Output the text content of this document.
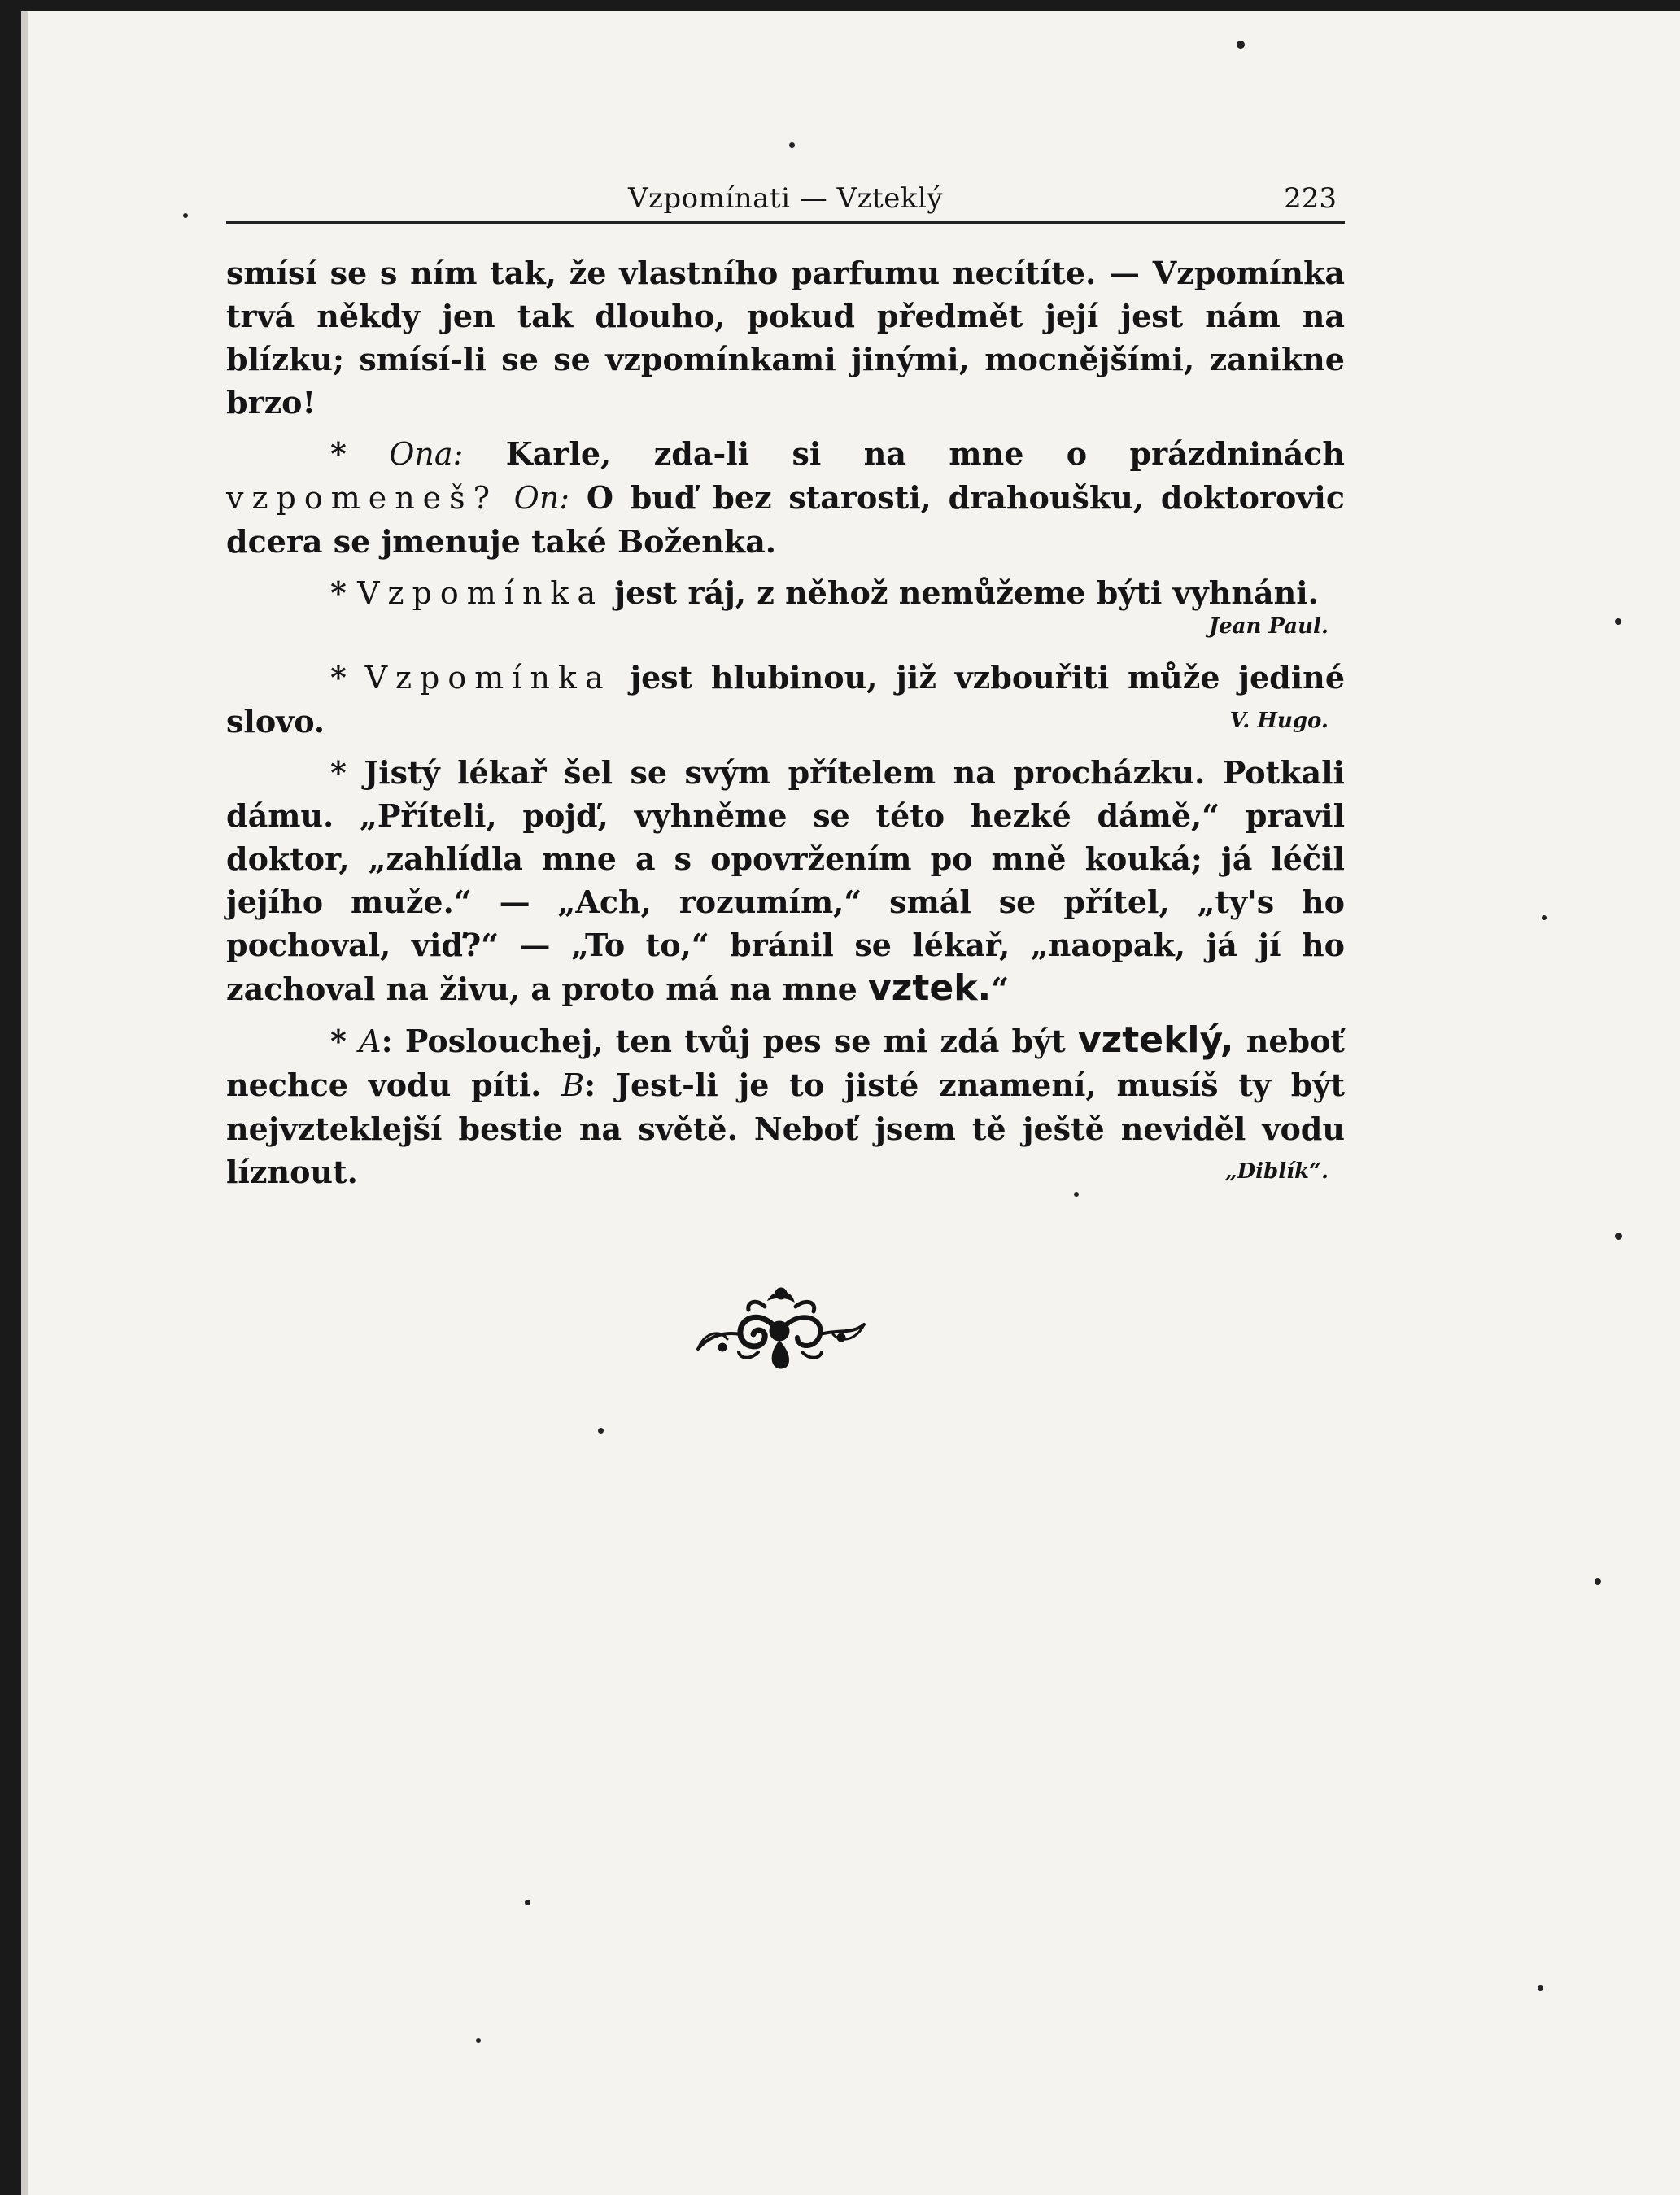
Vzpomínati — Vzteklý	223

smísí se s ním tak, že vlastního parfumu necítíte. — Vzpomínka trvá někdy jen tak dlouho, pokud předmět její jest nám na blízku; smísí-li se se vzpomínkami jinými, mocnějšími, zanikne brzo!

* Ona: Karle, zda-li si na mne o prázdninách vzpomeneš? On: O buď bez starosti, drahoušku, doktorovic dcera se jmenuje také Boženka.

* Vzpomínka jest ráj, z něhož nemůžeme býti vyhnáni.

Jean Paul.

* Vzpomínka jest hlubinou, již vzbouřiti může jediné slovo.	V. Hugo.

* Jistý lékař šel se svým přítelem na procházku. Potkali dámu. „Příteli, pojď, vyhněme se této hezké dámě,“ pravil doktor, „zahlídla mne a s opovržením po mně kouká; já léčil jejího muže.“ — „Ach, rozumím,“ smál se přítel, „ty's ho pochoval, viď?“ — „To to,“ bránil se lékař, „naopak, já jí ho zachoval na živu, a proto má na mne vztek.“

* A: Poslouchej, ten tvůj pes se mi zdá být vzteklý, neboť nechce vodu píti. B: Jest-li je to jisté znamení, musíš ty být nejvzteklejší bestie na světě. Neboť jsem tě ještě neviděl vodu líznout.	„Diblík“.
